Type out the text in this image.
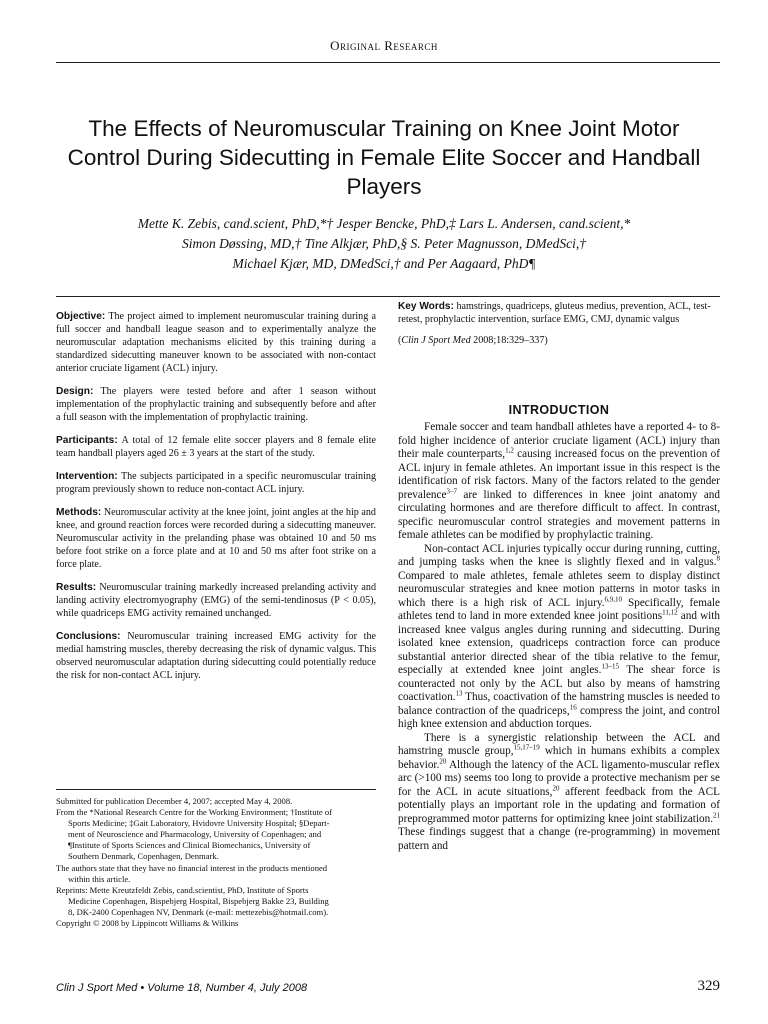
Original Research
The Effects of Neuromuscular Training on Knee Joint Motor Control During Sidecutting in Female Elite Soccer and Handball Players
Mette K. Zebis, cand.scient, PhD,*† Jesper Bencke, PhD,‡ Lars L. Andersen, cand.scient,*
Simon Døssing, MD,† Tine Alkjær, PhD,§ S. Peter Magnusson, DMedSci,†
Michael Kjær, MD, DMedSci,† and Per Aagaard, PhD¶

Objective: The project aimed to implement neuromuscular training during a full soccer and handball league season and to experimentally analyze the neuromuscular adaptation mechanisms elicited by this training during a standardized sidecutting maneuver known to be associated with non-contact anterior cruciate ligament (ACL) injury.

Design: The players were tested before and after 1 season without implementation of the prophylactic training and subsequently before and after a full season with the implementation of prophylactic training.

Participants: A total of 12 female elite soccer players and 8 female elite team handball players aged 26 ± 3 years at the start of the study.

Intervention: The subjects participated in a specific neuromuscular training program previously shown to reduce non-contact ACL injury.

Methods: Neuromuscular activity at the knee joint, joint angles at the hip and knee, and ground reaction forces were recorded during a sidecutting maneuver. Neuromuscular activity in the prelanding phase was obtained 10 and 50 ms before foot strike on a force plate and at 10 and 50 ms after foot strike on a force plate.

Results: Neuromuscular training markedly increased prelanding activity and landing activity electromyography (EMG) of the semi-tendinosus (P < 0.05), while quadriceps EMG activity remained unchanged.

Conclusions: Neuromuscular training increased EMG activity for the medial hamstring muscles, thereby decreasing the risk of dynamic valgus. This observed neuromuscular adaptation during sidecutting could potentially reduce the risk for non-contact ACL injury.

Submitted for publication December 4, 2007; accepted May 4, 2008.

From the *National Research Centre for the Working Environment; †Institute of

Sports Medicine; ‡Gait Laboratory, Hvidovre University Hospital; §Depart-

ment of Neuroscience and Pharmacology, University of Copenhagen; and

¶Institute of Sports Sciences and Clinical Biomechanics, University of

Southern Denmark, Copenhagen, Denmark.

The authors state that they have no financial interest in the products mentioned

within this article.

Reprints: Mette Kreutzfeldt Zebis, cand.scientist, PhD, Institute of Sports

Medicine Copenhagen, Bispebjerg Hospital, Bispebjerg Bakke 23, Building

8, DK-2400 Copenhagen NV, Denmark (e-mail: mettezebis@hotmail.com).

Copyright © 2008 by Lippincott Williams & Wilkins

Key Words: hamstrings, quadriceps, gluteus medius, prevention, ACL, test-retest, prophylactic intervention, surface EMG, CMJ, dynamic valgus
(Clin J Sport Med 2008;18:329–337)
INTRODUCTION

Female soccer and team handball athletes have a reported 4- to 8-fold higher incidence of anterior cruciate ligament (ACL) injury than their male counterparts,$^{1,2}$ causing increased focus on the prevention of ACL injury in female athletes. An important issue in this respect is the identification of risk factors. Many of the factors related to the gender prevalence$^{3-7}$ are linked to differences in knee joint anatomy and circulating hormones and are therefore difficult to affect. In contrast, specific neuromuscular control strategies and movement patterns in female athletes can be modified by prophylactic training.

Non-contact ACL injuries typically occur during running, cutting, and jumping tasks when the knee is slightly flexed and in valgus.$^8$ Compared to male athletes, female athletes seem to display distinct neuromuscular strategies and knee motion patterns in motor tasks in which there is a high risk of ACL injury.$^{6,9,10}$ Specifically, female athletes tend to land in more extended knee joint positions$^{11,12}$ and with increased knee valgus angles during running and sidecutting. During isolated knee extension, quadriceps contraction force can produce substantial anterior directed shear of the tibia relative to the femur, especially at extended knee joint angles.$^{13-15}$ The shear force is counteracted not only by the ACL but also by means of hamstring coactivation.$^{13}$ Thus, coactivation of the hamstring muscles is needed to balance contraction of the quadriceps,$^{16}$ compress the joint, and control high knee extension and abduction torques.

There is a synergistic relationship between the ACL and hamstring muscle group,$^{15,17-19}$ which in humans exhibits a complex behavior.$^{20}$ Although the latency of the ACL ligamento-muscular reflex arc (>100 ms) seems too long to provide a protective mechanism per se for the ACL in acute situations,$^{20}$ afferent feedback from the ACL potentially plays an important role in the updating and formation of preprogrammed motor patterns for optimizing knee joint stabilization.$^{21}$ These findings suggest that a change (re-programming) in movement pattern and

Clin J Sport Med • Volume 18, Number 4, July 2008	329
